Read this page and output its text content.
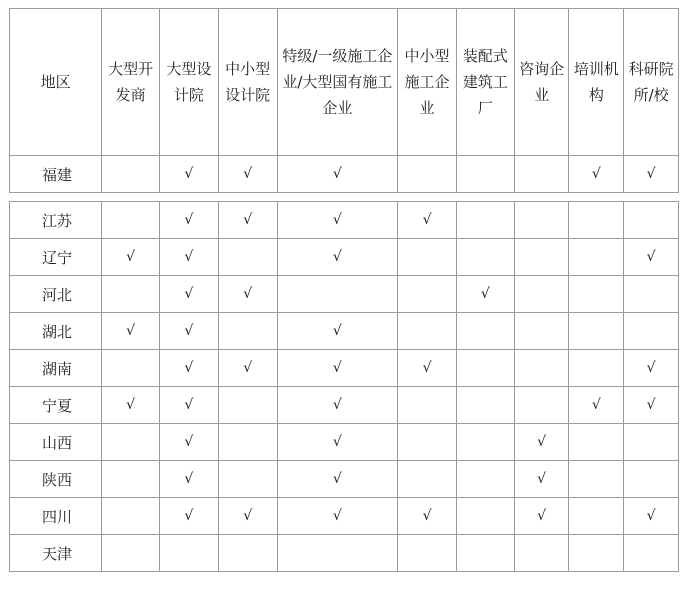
地区	大型开发商	大型设计院	中小型设计院	特级/一级施工企业/大型国有施工企业	中小型施工企业	装配式建筑工厂	咨询企业	培训机构	科研院所/校
福建		√	√	√				√	√

江苏		√	√	√	√				
辽宁	√	√		√					√
河北		√	√			√			
湖北	√	√		√					
湖南		√	√	√	√				√
宁夏	√	√		√				√	√
山西		√		√			√		
陕西		√		√			√		
四川		√	√	√	√		√		√
天津									
